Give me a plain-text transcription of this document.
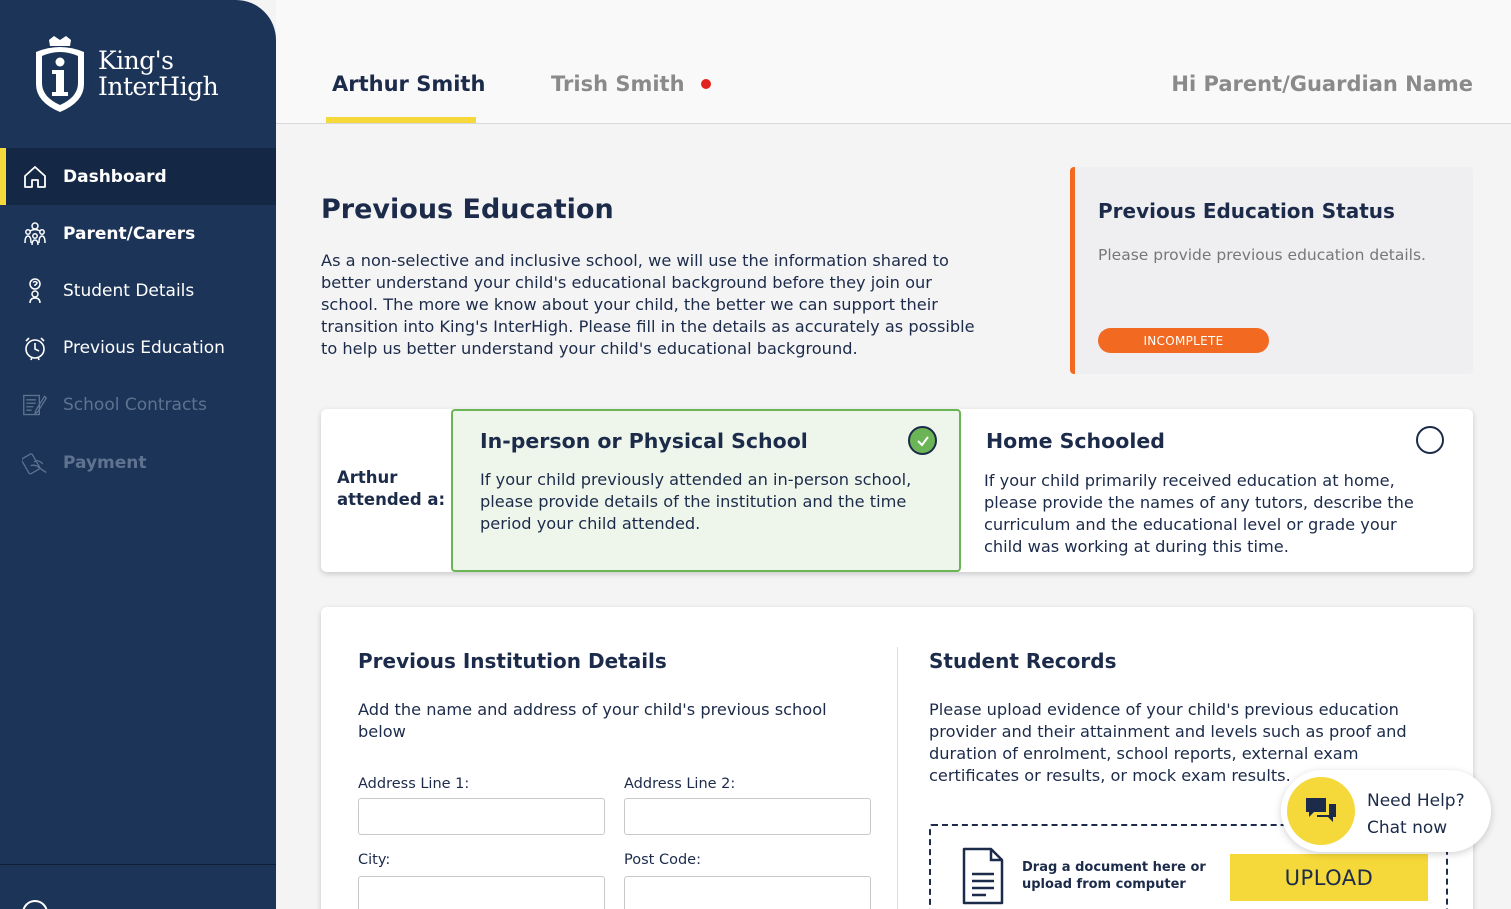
King's
InterHigh
Dashboard
Parent/Carers
Student Details
Previous Education
School Contracts
Payment
Arthur Smith	Trish Smith	Hi Parent/Guardian Name
Previous Education

As a non-selective and inclusive school, we will use the information shared to better understand your child's educational background before they join our school. The more we know about your child, the better we can support their transition into King's InterHigh. Please fill in the details as accurately as possible to help us better understand your child's educational background.

Previous Education Status
Please provide previous education details.
INCOMPLETE
Arthur
attended a:
In-person or Physical School
If your child previously attended an in-person school, please provide details of the institution and the time period your child attended.
Home Schooled
If your child primarily received education at home, please provide the names of any tutors, describe the curriculum and the educational level or grade your child was working at during this time.
Previous Institution Details
Add the name and address of your child's previous school below
Address Line 1:	Address Line 2:
City:	Post Code:
Student Records
Please upload evidence of your child's previous education provider and their attainment and levels such as proof and duration of enrolment, school reports, external exam certificates or results, or mock exam results.
Drag a document here or
upload from computer	UPLOAD
Need Help?
Chat now
